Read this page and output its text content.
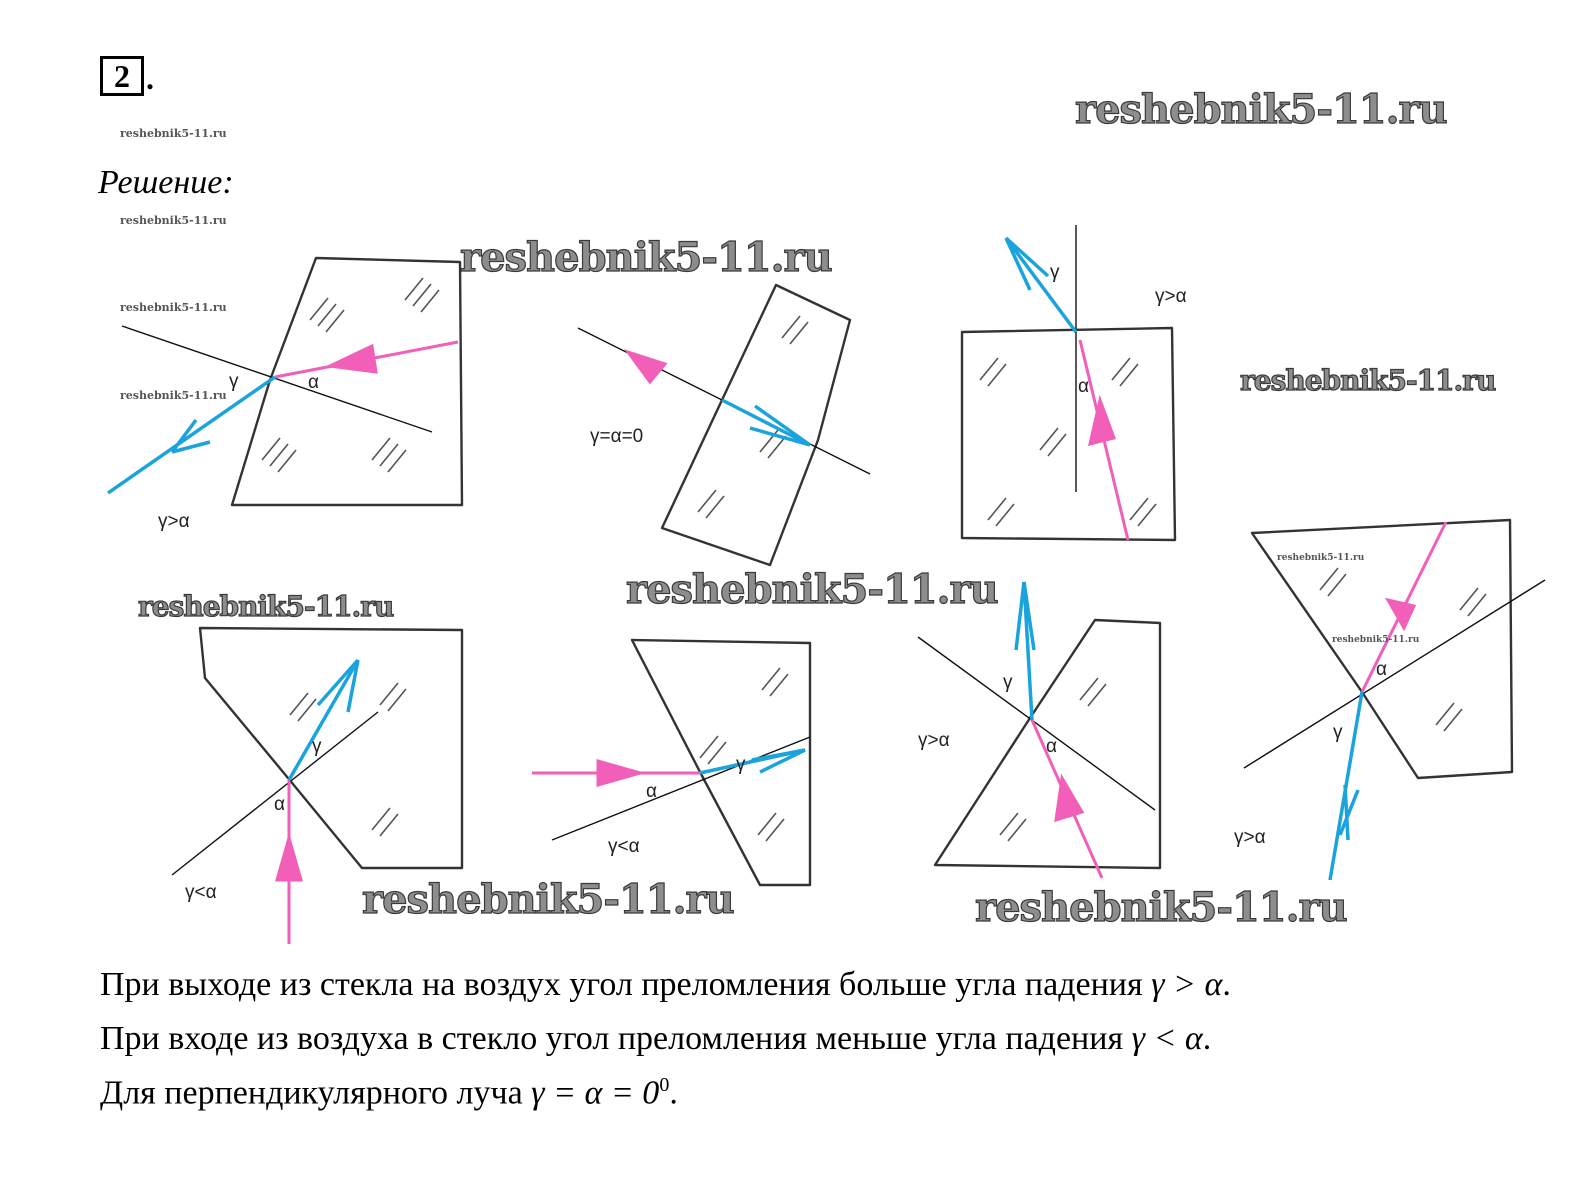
2 .
reshebnik5-11.ru
reshebnik5-11.ru
Решение:
reshebnik5-11.ru
γ	α
γ>α
γ=α=0
γ
α
γ>α
γ
α
γ<α
γ
α
γ<α
γ
α
γ>α
α
γ
γ>α
reshebnik5-11.ru
reshebnik5-11.ru
reshebnik5-11.ru
reshebnik5-11.ru
reshebnik5-11.ru	reshebnik5-11.ru
reshebnik5-11.ru
reshebnik5-11.ru
reshebnik5-11.ru	reshebnik5-11.ru
При выходе из стекла на воздух угол преломления больше угла падения γ > α.
При входе из воздуха в стекло угол преломления меньше угла падения γ < α.
Для перпендикулярного луча $\gamma = \alpha = 0^0$.
